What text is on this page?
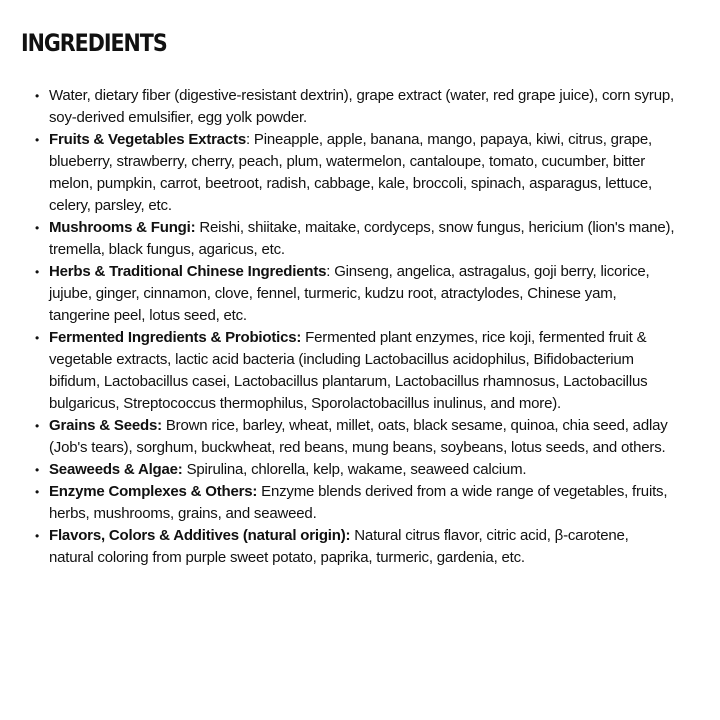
INGREDIENTS
• Water, dietary fiber (digestive-resistant dextrin), grape extract (water, red grape juice), corn syrup, soy-derived emulsifier, egg yolk powder.
• Fruits & Vegetables Extracts: Pineapple, apple, banana, mango, papaya, kiwi, citrus, grape, blueberry, strawberry, cherry, peach, plum, watermelon, cantaloupe, tomato, cucumber, bitter melon, pumpkin, carrot, beetroot, radish, cabbage, kale, broccoli, spinach, asparagus, lettuce, celery, parsley, etc.
• Mushrooms & Fungi: Reishi, shiitake, maitake, cordyceps, snow fungus, hericium (lion's mane), tremella, black fungus, agaricus, etc.
• Herbs & Traditional Chinese Ingredients: Ginseng, angelica, astragalus, goji berry, licorice, jujube, ginger, cinnamon, clove, fennel, turmeric, kudzu root, atractylodes, Chinese yam, tangerine peel, lotus seed, etc.
• Fermented Ingredients & Probiotics: Fermented plant enzymes, rice koji, fermented fruit & vegetable extracts, lactic acid bacteria (including Lactobacillus acidophilus, Bifidobacterium bifidum, Lactobacillus casei, Lactobacillus plantarum, Lactobacillus rhamnosus, Lactobacillus bulgaricus, Streptococcus thermophilus, Sporolactobacillus inulinus, and more).
• Grains & Seeds: Brown rice, barley, wheat, millet, oats, black sesame, quinoa, chia seed, adlay (Job's tears), sorghum, buckwheat, red beans, mung beans, soybeans, lotus seeds, and others.
• Seaweeds & Algae: Spirulina, chlorella, kelp, wakame, seaweed calcium.
• Enzyme Complexes & Others: Enzyme blends derived from a wide range of vegetables, fruits, herbs, mushrooms, grains, and seaweed.
• Flavors, Colors & Additives (natural origin): Natural citrus flavor, citric acid, β-carotene, natural coloring from purple sweet potato, paprika, turmeric, gardenia, etc.
